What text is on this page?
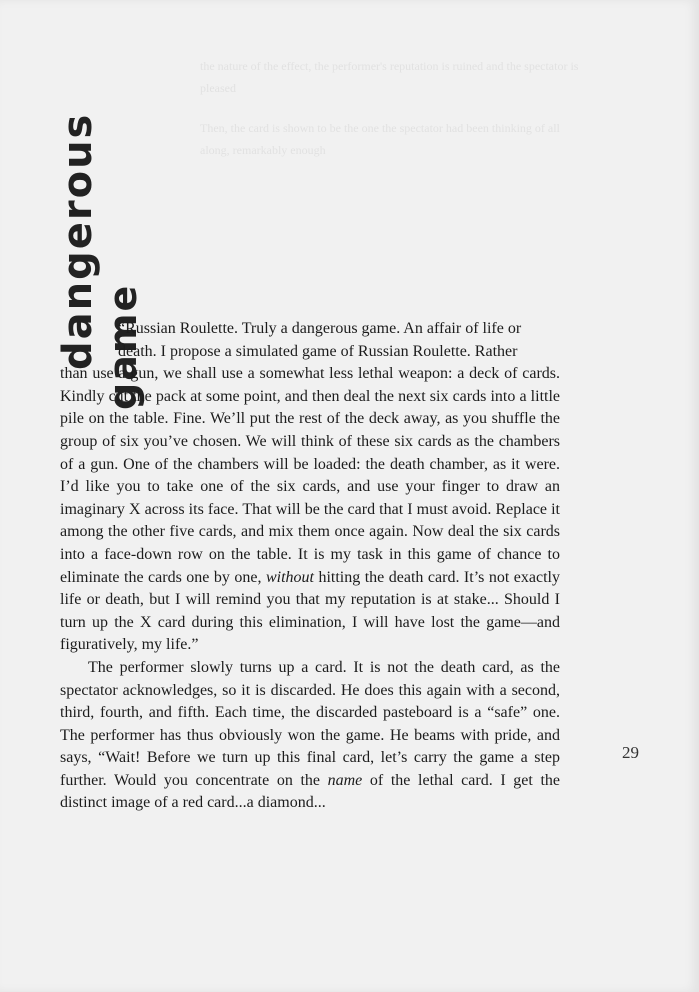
the nature of the effect, the performer's reputation is ruined and the spectator is pleased
Then, the card is shown to be the one the spectator had been thinking of all along, remarkably enough
dangerous game

“Russian Roulette. Truly a dangerous game. An affair of life or
death. I propose a simulated game of Russian Roulette. Rather
than use a gun, we shall use a somewhat less lethal weapon: a deck of cards. Kindly cut the pack at some point, and then deal the next six cards into a little pile on the table. Fine. We’ll put the rest of the deck away, as you shuffle the group of six you’ve chosen. We will think of these six cards as the chambers of a gun. One of the chambers will be loaded: the death chamber, as it were. I’d like you to take one of the six cards, and use your finger to draw an imaginary X across its face. That will be the card that I must avoid. Replace it among the other five cards, and mix them once again. Now deal the six cards into a face-down row on the table. It is my task in this game of chance to eliminate the cards one by one, without hitting the death card. It’s not exactly life or death, but I will remind you that my reputation is at stake... Should I turn up the X card during this elimination, I will have lost the game—and figuratively, my life.”

The performer slowly turns up a card. It is not the death card, as the spectator acknowledges, so it is discarded. He does this again with a second, third, fourth, and fifth. Each time, the discarded pasteboard is a “safe” one. The performer has thus obviously won the game. He beams with pride, and says, “Wait! Before we turn up this final card, let’s carry the game a step further. Would you concentrate on the name of the lethal card. I get the distinct image of a red card...a diamond...

29
